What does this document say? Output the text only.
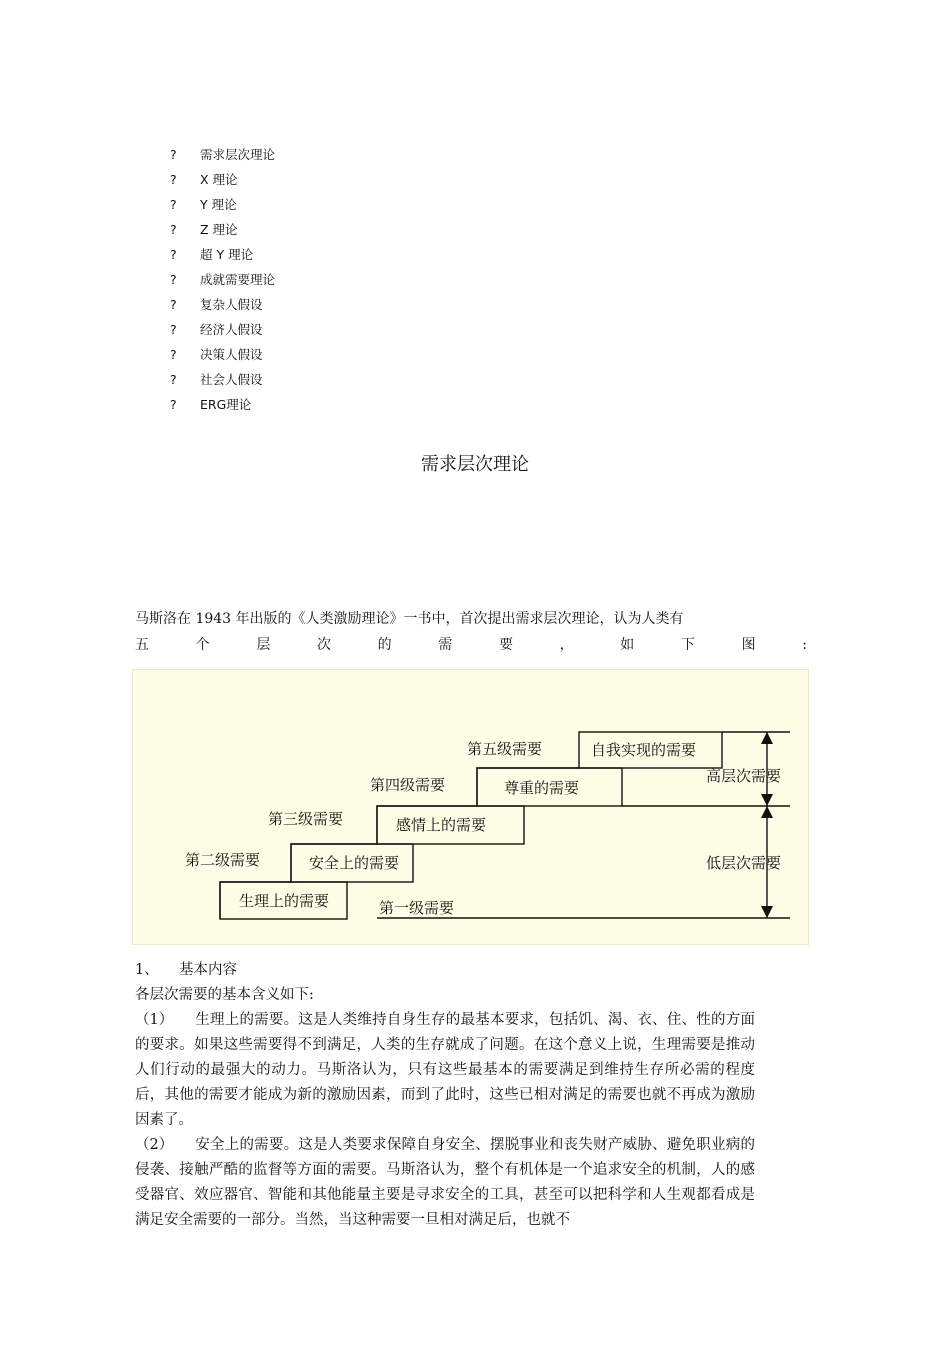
?	需求层次理论
?	X 理论
?	Y 理论
?	Z 理论
?	超 Y 理论
?	成就需要理论
?	复杂人假设
?	经济人假设
?	决策人假设
?	社会人假设
?	ERG理论
需求层次理论
马斯洛在 1943 年出版的《人类激励理论》一书中，首次提出需求层次理论，认为人类有
五	个	层	次	的	需	要	，	如	下	图	:
生理上的需要
安全上的需要
感情上的需要
尊重的需要
自我实现的需要
第一级需要
第二级需要
第三级需要
第四级需要
第五级需要
高层次需要
低层次需要

1、 基本内容

各层次需要的基本含义如下:

（1） 生理上的需要。这是人类维持自身生存的最基本要求，包括饥、渴、衣、住、性的方面的要求。如果这些需要得不到满足，人类的生存就成了问题。在这个意义上说，生理需要是推动人们行动的最强大的动力。马斯洛认为，只有这些最基本的需要满足到维持生存所必需的程度后，其他的需要才能成为新的激励因素，而到了此时，这些已相对满足的需要也就不再成为激励因素了。

（2） 安全上的需要。这是人类要求保障自身安全、摆脱事业和丧失财产威胁、避免职业病的侵袭、接触严酷的监督等方面的需要。马斯洛认为，整个有机体是一个追求安全的机制，人的感受器官、效应器官、智能和其他能量主要是寻求安全的工具，甚至可以把科学和人生观都看成是满足安全需要的一部分。当然，当这种需要一旦相对满足后，也就不
